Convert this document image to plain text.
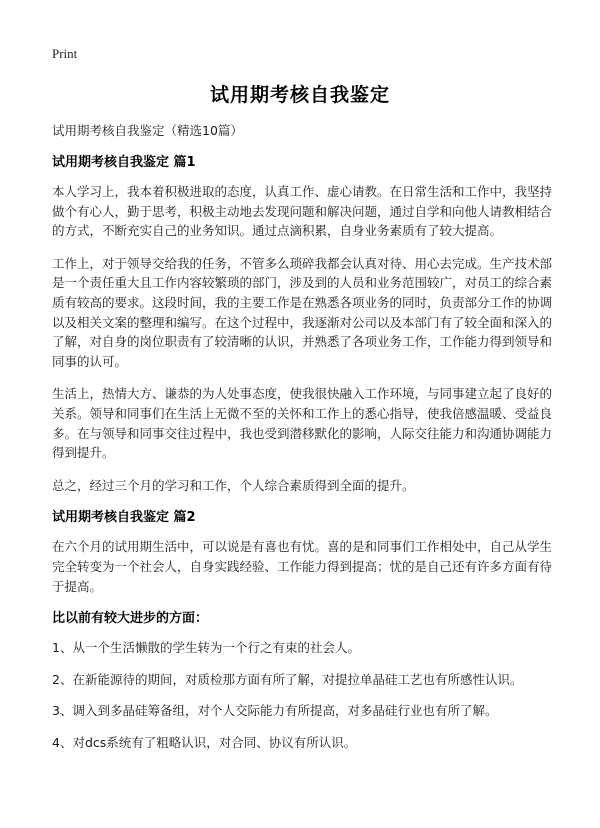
Print
试用期考核自我鉴定

试用期考核自我鉴定（精选10篇）

试用期考核自我鉴定 篇1

本人学习上，我本着积极进取的态度，认真工作、虚心请教。在日常生活和工作中，我坚持做个有心人，勤于思考，积极主动地去发现问题和解决问题，通过自学和向他人请教相结合的方式，不断充实自己的业务知识。通过点滴积累，自身业务素质有了较大提高。

工作上，对于领导交给我的任务，不管多么琐碎我都会认真对待、用心去完成。生产技术部是一个责任重大且工作内容较繁琐的部门，涉及到的人员和业务范围较广，对员工的综合素质有较高的要求。这段时间，我的主要工作是在熟悉各项业务的同时，负责部分工作的协调以及相关文案的整理和编写。在这个过程中，我逐渐对公司以及本部门有了较全面和深入的了解，对自身的岗位职责有了较清晰的认识，并熟悉了各项业务工作，工作能力得到领导和同事的认可。

生活上，热情大方、谦恭的为人处事态度，使我很快融入工作环境，与同事建立起了良好的关系。领导和同事们在生活上无微不至的关怀和工作上的悉心指导，使我倍感温暖、受益良多。在与领导和同事交往过程中，我也受到潜移默化的影响，人际交往能力和沟通协调能力得到提升。

总之，经过三个月的学习和工作，个人综合素质得到全面的提升。

试用期考核自我鉴定 篇2

在六个月的试用期生活中，可以说是有喜也有忧。喜的是和同事们工作相处中，自己从学生完全转变为一个社会人，自身实践经验、工作能力得到提高；忧的是自己还有许多方面有待于提高。

比以前有较大进步的方面：

1、从一个生活懒散的学生转为一个行之有束的社会人。

2、在新能源待的期间，对质检那方面有所了解，对提拉单晶硅工艺也有所感性认识。

3、调入到多晶硅筹备组，对个人交际能力有所提高，对多晶硅行业也有所了解。

4、对dcs系统有了粗略认识，对合同、协议有所认识。
